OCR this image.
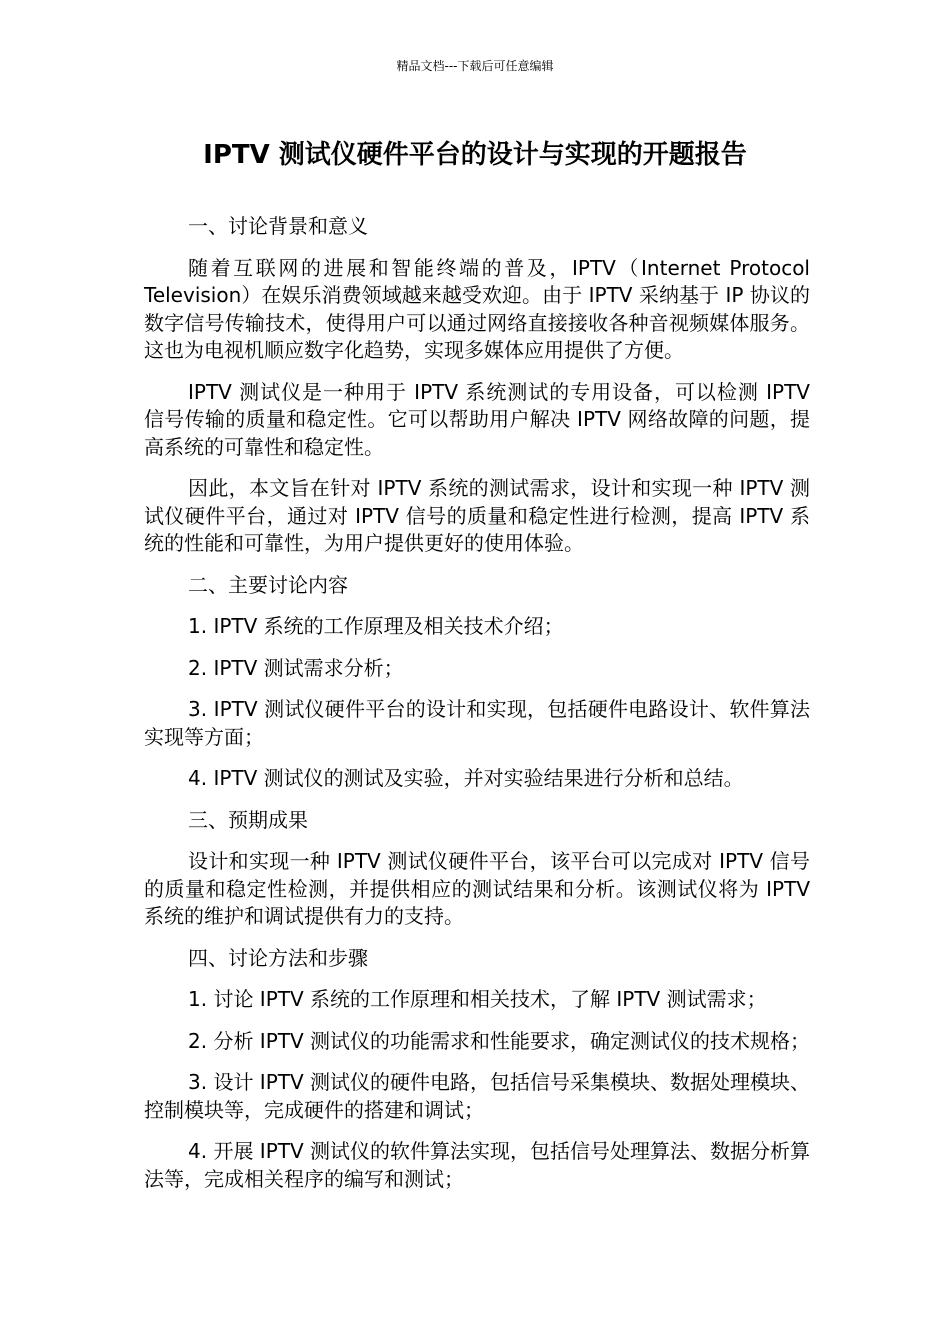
精品文档---下载后可任意编辑
IPTV 测试仪硬件平台的设计与实现的开题报告

一、讨论背景和意义

随着互联网的进展和智能终端的普及，IPTV（Internet Protocol Television）在娱乐消费领域越来越受欢迎。由于 IPTV 采纳基于 IP 协议的数字信号传输技术，使得用户可以通过网络直接接收各种音视频媒体服务。这也为电视机顺应数字化趋势，实现多媒体应用提供了方便。

IPTV 测试仪是一种用于 IPTV 系统测试的专用设备，可以检测 IPTV 信号传输的质量和稳定性。它可以帮助用户解决 IPTV 网络故障的问题，提高系统的可靠性和稳定性。

因此，本文旨在针对 IPTV 系统的测试需求，设计和实现一种 IPTV 测试仪硬件平台，通过对 IPTV 信号的质量和稳定性进行检测，提高 IPTV 系统的性能和可靠性，为用户提供更好的使用体验。

二、主要讨论内容

1. IPTV 系统的工作原理及相关技术介绍；

2. IPTV 测试需求分析；

3. IPTV 测试仪硬件平台的设计和实现，包括硬件电路设计、软件算法实现等方面；

4. IPTV 测试仪的测试及实验，并对实验结果进行分析和总结。

三、预期成果

设计和实现一种 IPTV 测试仪硬件平台，该平台可以完成对 IPTV 信号的质量和稳定性检测，并提供相应的测试结果和分析。该测试仪将为 IPTV 系统的维护和调试提供有力的支持。

四、讨论方法和步骤

1. 讨论 IPTV 系统的工作原理和相关技术，了解 IPTV 测试需求；

2. 分析 IPTV 测试仪的功能需求和性能要求，确定测试仪的技术规格；

3. 设计 IPTV 测试仪的硬件电路，包括信号采集模块、数据处理模块、控制模块等，完成硬件的搭建和调试；

4. 开展 IPTV 测试仪的软件算法实现，包括信号处理算法、数据分析算法等，完成相关程序的编写和测试；
